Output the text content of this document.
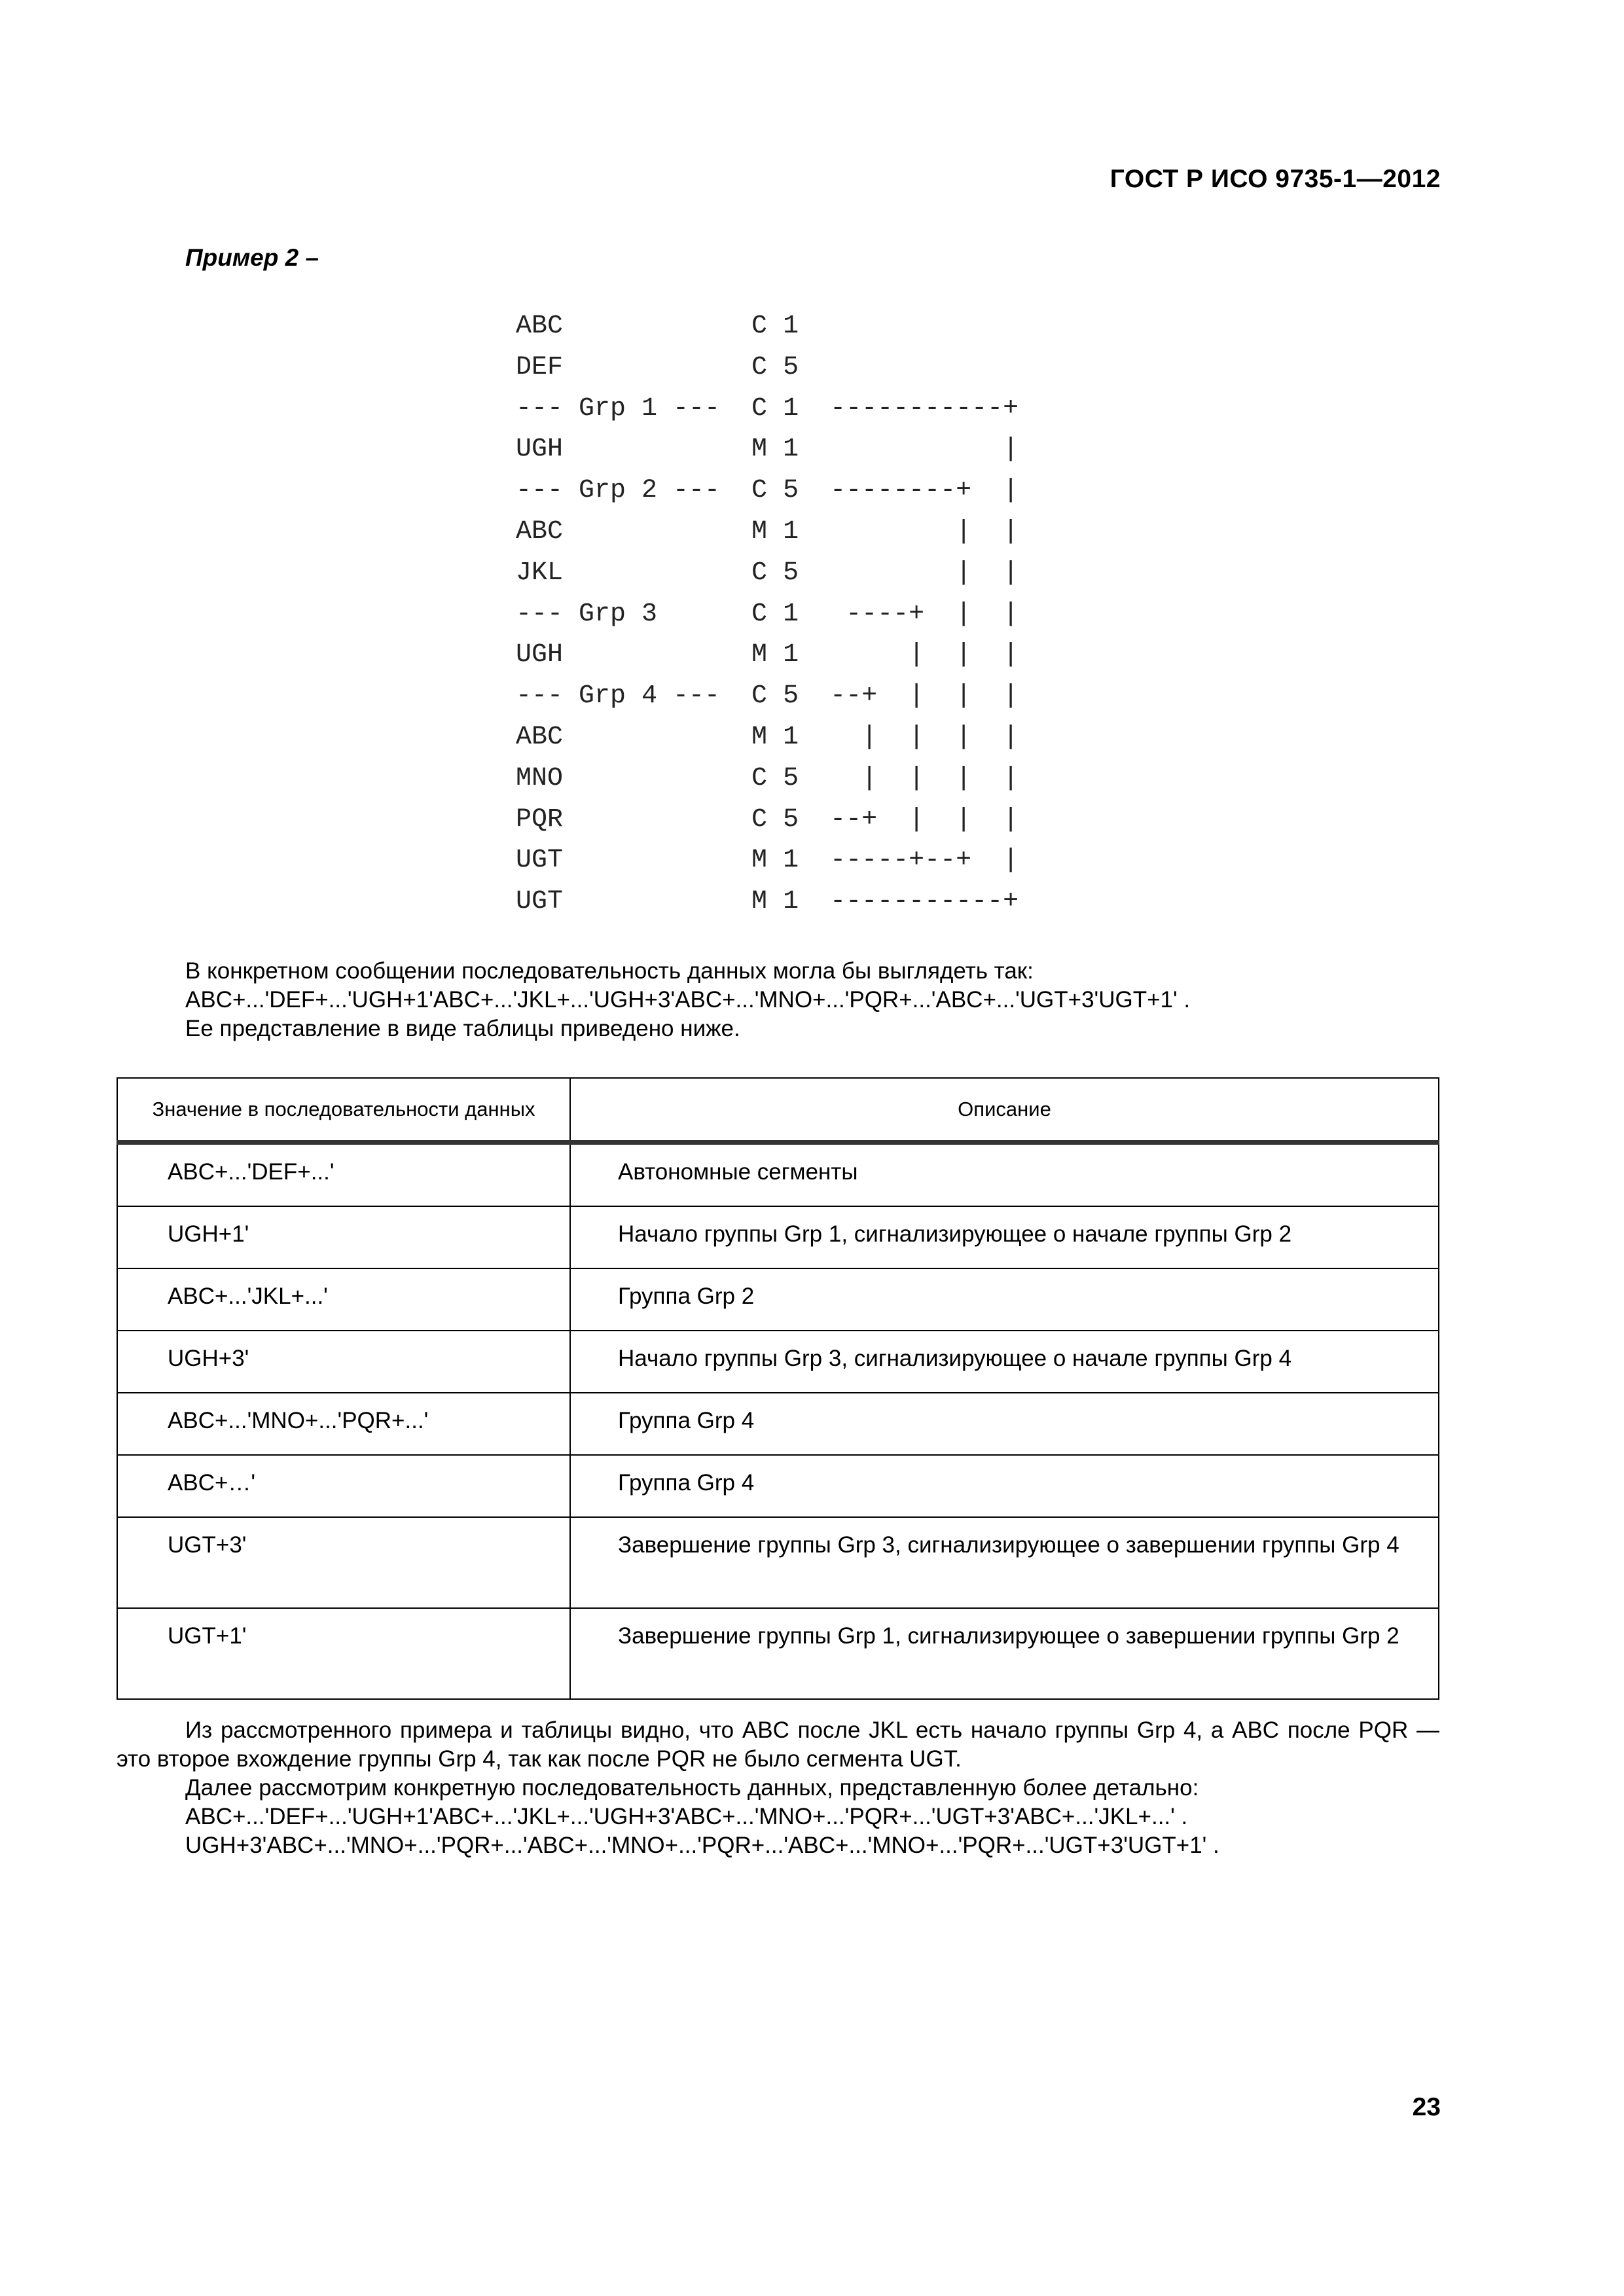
ГОСТ Р ИСО 9735-1—2012
Пример 2 –
ABC            C 1
DEF            C 5
--- Grp 1 ---  C 1  -----------+
UGH            M 1             |
--- Grp 2 ---  C 5  --------+  |
ABC            M 1          |  |
JKL            C 5          |  |
--- Grp 3      C 1   ----+  |  |
UGH            M 1       |  |  |
--- Grp 4 ---  C 5  --+  |  |  |
ABC            M 1    |  |  |  |
MNO            C 5    |  |  |  |
PQR            C 5  --+  |  |  |
UGT            M 1  -----+--+  |
UGT            M 1  -----------+
В конкретном сообщении последовательность данных могла бы выглядеть так:
ABC+...'DEF+...'UGH+1'ABC+...'JKL+...'UGH+3'ABC+...'MNO+...'PQR+...'ABC+...'UGT+3'UGT+1' .
Ее представление в виде таблицы приведено ниже.
Значение в последовательности данных	Описание
ABC+...'DEF+...'	Автономные сегменты
UGH+1'	Начало группы Grp 1, сигнализирующее о начале группы Grp 2
ABC+...'JKL+...'	Группа Grp 2
UGH+3'	Начало группы Grp 3, сигнализирующее о начале группы Grp 4
ABC+...'MNO+...'PQR+...'	Группа Grp 4
ABC+…'	Группа Grp 4
UGT+3'	Завершение группы Grp 3, сигнализирующее о завершении группы Grp 4
UGT+1'	Завершение группы Grp 1, сигнализирующее о завершении группы Grp 2

Из рассмотренного примера и таблицы видно, что ABC после JKL есть начало группы Grp 4, а ABC после PQR — это второе вхождение группы Grp 4, так как после PQR не было сегмента UGT.

Далее рассмотрим конкретную последовательность данных, представленную более детально:
ABC+...'DEF+...'UGH+1'ABC+...'JKL+...'UGH+3'ABC+...'MNO+...'PQR+...'UGT+3'ABC+...'JKL+...' .
UGH+3'ABC+...'MNO+...'PQR+...'ABC+...'MNO+...'PQR+...'ABC+...'MNO+...'PQR+...'UGT+3'UGT+1' .
23
